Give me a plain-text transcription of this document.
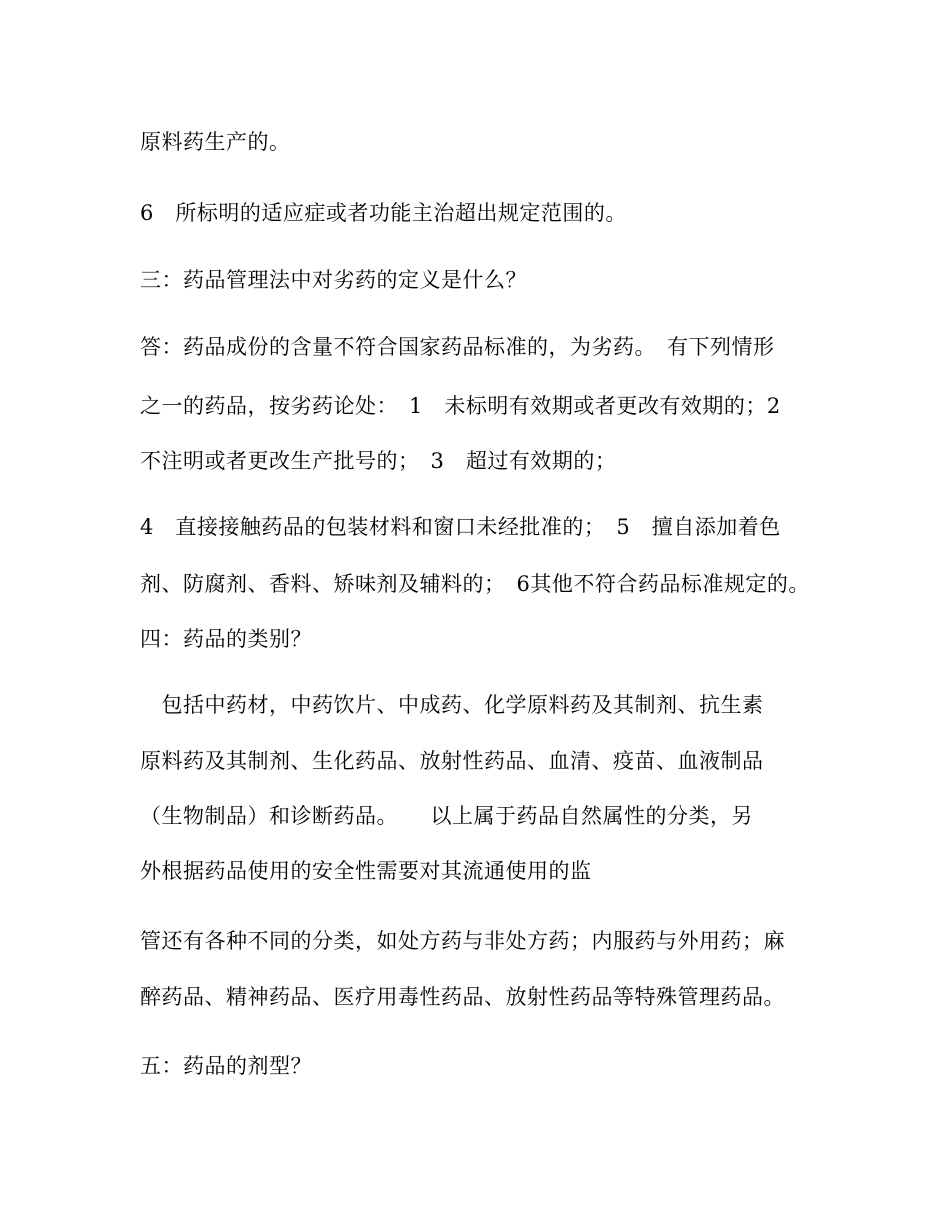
原料药生产的。
6　所标明的适应症或者功能主治超出规定范围的。
三：药品管理法中对劣药的定义是什么？
答：药品成份的含量不符合国家药品标准的，为劣药。　有下列情形
之一的药品，按劣药论处：　1　未标明有效期或者更改有效期的；2
不注明或者更改生产批号的；　3　超过有效期的；
4　直接接触药品的包装材料和窗口未经批准的；　5　擅自添加着色
剂、防腐剂、香料、矫味剂及辅料的；　6其他不符合药品标准规定的。
四：药品的类别？
　包括中药材，中药饮片、中成药、化学原料药及其制剂、抗生素
原料药及其制剂、生化药品、放射性药品、血清、疫苗、血液制品
（生物制品）和诊断药品。　　以上属于药品自然属性的分类，另
外根据药品使用的安全性需要对其流通使用的监
管还有各种不同的分类，如处方药与非处方药；内服药与外用药；麻
醉药品、精神药品、医疗用毒性药品、放射性药品等特殊管理药品。
五：药品的剂型？
